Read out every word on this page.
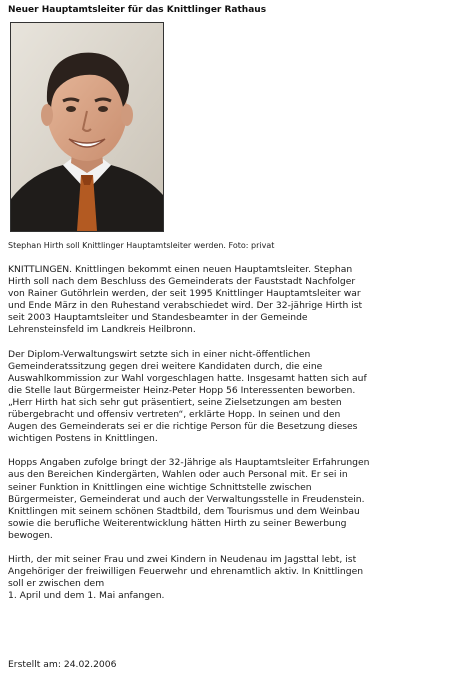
Neuer Hauptamtsleiter für das Knittlinger Rathaus
Stephan Hirth soll Knittlinger Hauptamtsleiter werden. Foto: privat

KNITTLINGEN. Knittlingen bekommt einen neuen Hauptamtsleiter. Stephan
Hirth soll nach dem Beschluss des Gemeinderats der Fauststadt Nachfolger
von Rainer Gutöhrlein werden, der seit 1995 Knittlinger Hauptamtsleiter war
und Ende März in den Ruhestand verabschiedet wird. Der 32-jährige Hirth ist
seit 2003 Hauptamtsleiter und Standesbeamter in der Gemeinde
Lehrensteinsfeld im Landkreis Heilbronn.

Der Diplom-Verwaltungswirt setzte sich in einer nicht-öffentlichen
Gemeinderatssitzung gegen drei weitere Kandidaten durch, die eine
Auswahlkommission zur Wahl vorgeschlagen hatte. Insgesamt hatten sich auf
die Stelle laut Bürgermeister Heinz-Peter Hopp 56 Interessenten beworben.
„Herr Hirth hat sich sehr gut präsentiert, seine Zielsetzungen am besten
rübergebracht und offensiv vertreten“, erklärte Hopp. In seinen und den
Augen des Gemeinderats sei er die richtige Person für die Besetzung dieses
wichtigen Postens in Knittlingen.

Hopps Angaben zufolge bringt der 32-Jährige als Hauptamtsleiter Erfahrungen
aus den Bereichen Kindergärten, Wahlen oder auch Personal mit. Er sei in
seiner Funktion in Knittlingen eine wichtige Schnittstelle zwischen
Bürgermeister, Gemeinderat und auch der Verwaltungsstelle in Freudenstein.
Knittlingen mit seinem schönen Stadtbild, dem Tourismus und dem Weinbau
sowie die berufliche Weiterentwicklung hätten Hirth zu seiner Bewerbung
bewogen.

Hirth, der mit seiner Frau und zwei Kindern in Neudenau im Jagsttal lebt, ist
Angehöriger der freiwilligen Feuerwehr und ehrenamtlich aktiv. In Knittlingen
soll er zwischen dem
1. April und dem 1. Mai anfangen.

Erstellt am: 24.02.2006
